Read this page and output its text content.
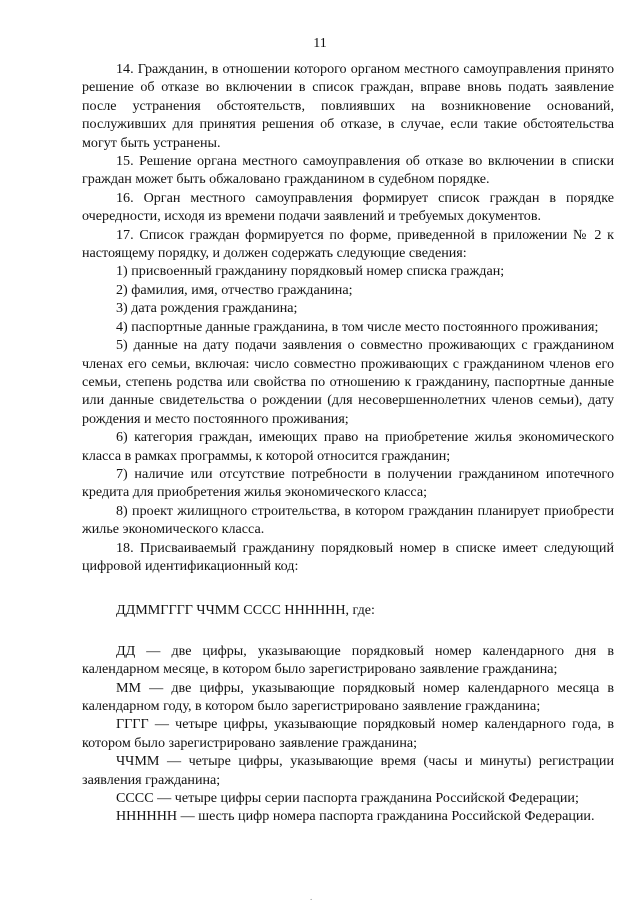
11

14. Гражданин, в отношении которого органом местного самоуправления принято решение об отказе во включении в список граждан, вправе вновь подать заявление после устранения обстоятельств, повлиявших на возникновение оснований, послуживших для принятия решения об отказе, в случае, если такие обстоятельства могут быть устранены.

15. Решение органа местного самоуправления об отказе во включении в списки граждан может быть обжаловано гражданином в судебном порядке.

16. Орган местного самоуправления формирует список граждан в порядке очередности, исходя из времени подачи заявлений и требуемых документов.

17. Список граждан формируется по форме, приведенной в приложении № 2 к настоящему порядку, и должен содержать следующие сведения:

1) присвоенный гражданину порядковый номер списка граждан;

2) фамилия, имя, отчество гражданина;

3) дата рождения гражданина;

4) паспортные данные гражданина, в том числе место постоянного проживания;

5) данные на дату подачи заявления о совместно проживающих с гражданином членах его семьи, включая: число совместно проживающих с гражданином членов его семьи, степень родства или свойства по отношению к гражданину, паспортные данные или данные свидетельства о рождении (для несовершеннолетних членов семьи), дату рождения и место постоянного проживания;

6) категория граждан, имеющих право на приобретение жилья экономического класса в рамках программы, к которой относится гражданин;

7) наличие или отсутствие потребности в получении гражданином ипотечного кредита для приобретения жилья экономического класса;

8) проект жилищного строительства, в котором гражданин планирует приобрести жилье экономического класса.

18. Присваиваемый гражданину порядковый номер в списке имеет следующий цифровой идентификационный код:

ДДММГГГГ ЧЧММ СССС НННННН, где:

ДД — две цифры, указывающие порядковый номер календарного дня в календарном месяце, в котором было зарегистрировано заявление гражданина;

ММ — две цифры, указывающие порядковый номер календарного месяца в календарном году, в котором было зарегистрировано заявление гражданина;

ГГГГ — четыре цифры, указывающие порядковый номер календарного года, в котором было зарегистрировано заявление гражданина;

ЧЧММ — четыре цифры, указывающие время (часы и минуты) регистрации заявления гражданина;

СССС — четыре цифры серии паспорта гражданина Российской Федерации;

НННННН — шесть цифр номера паспорта гражданина Российской Федерации.

.
